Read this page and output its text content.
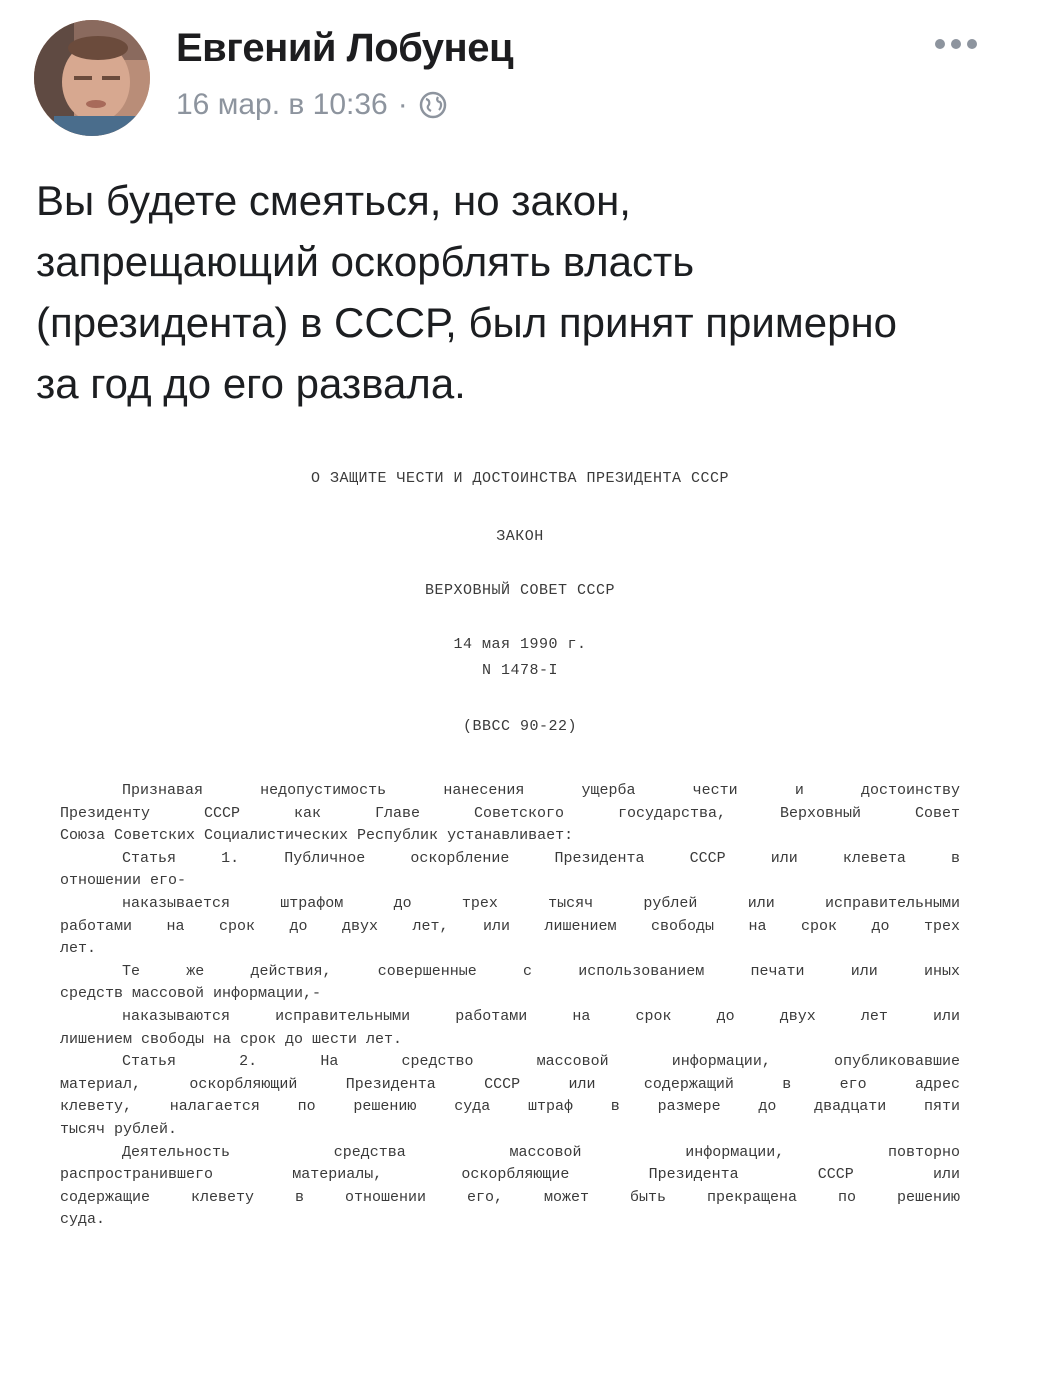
Евгений Лобунец
16 мар. в 10:36 ·
Вы будете смеяться, но закон,
запрещающий оскорблять власть
(президента) в СССР, был принят примерно
за год до его развала.
О ЗАЩИТЕ ЧЕСТИ И ДОСТОИНСТВА ПРЕЗИДЕНТА СССР
ЗАКОН
ВЕРХОВНЫЙ СОВЕТ СССР
14 мая 1990 г.
N 1478-I
(ВВСС 90-22)
Признавая недопустимость нанесения ущерба чести и достоинству
Президенту СССР как Главе Советского государства, Верховный Совет
Союза Советских Социалистических Республик устанавливает:
Статья 1. Публичное оскорбление Президента СССР или клевета в
отношении его-
наказывается штрафом до трех тысяч рублей или исправительными
работами на срок до двух лет, или лишением свободы на срок до трех
лет.
Те же действия, совершенные с использованием печати или иных
средств массовой информации,-
наказываются исправительными работами на срок до двух лет или
лишением свободы на срок до шести лет.
Статья 2. На средство массовой информации, опубликовавшие
материал, оскорбляющий Президента СССР или содержащий в его адрес
клевету, налагается по решению суда штраф в размере до двадцати пяти
тысяч рублей.
Деятельность средства массовой информации, повторно
распространившего материалы, оскорбляющие Президента СССР или
содержащие клевету в отношении его, может быть прекращена по решению
суда.
